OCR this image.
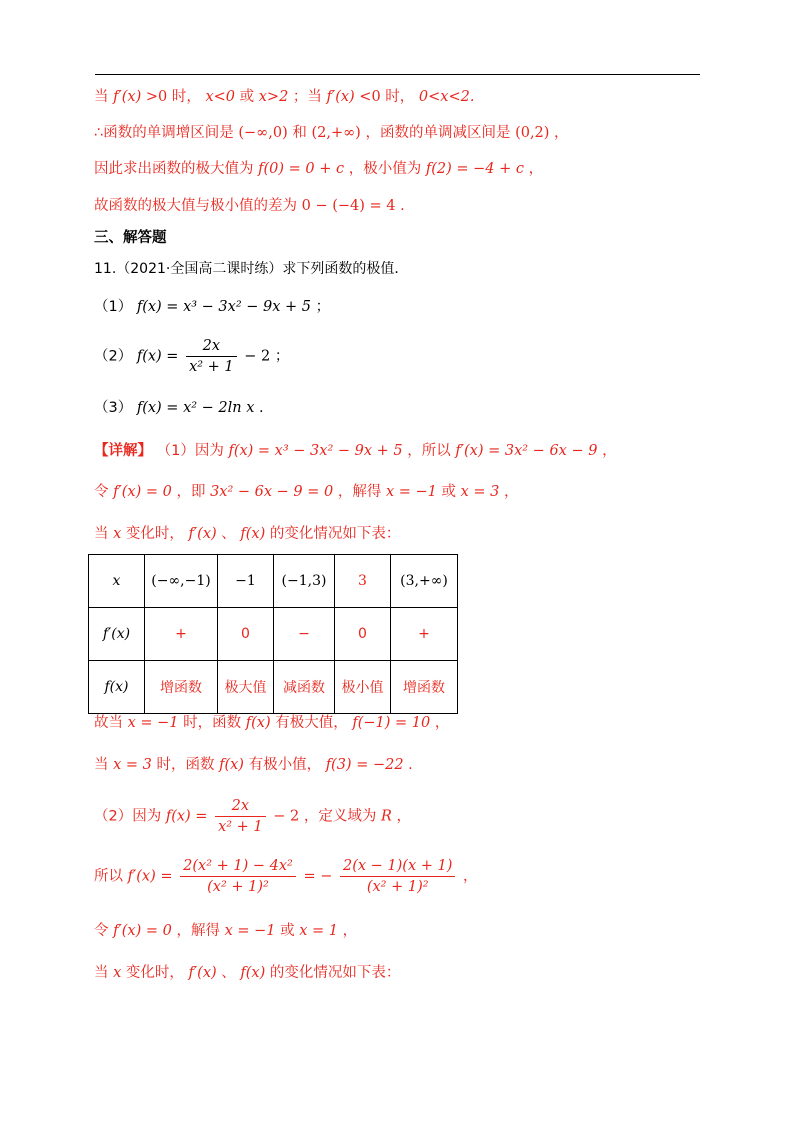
当 f′(x) >0 时， x<0 或 x>2 ；当 f′(x) <0 时， 0<x<2.
∴函数的单调增区间是 (−∞,0) 和 (2,+∞) ，函数的单调减区间是 (0,2) ，
因此求出函数的极大值为 f(0) = 0 + c ，极小值为 f(2) = −4 + c ，
故函数的极大值与极小值的差为 0 − (−4) = 4 .
三、解答题
11.（2021·全国高二课时练）求下列函数的极值．
（1） f(x) = x³ − 3x² − 9x + 5 ；
（2） $f(x) = \frac{2x}{\text{x² + 1}} - 2$ ；
（3） f(x) = x² − 2ln x .
【详解】 （1）因为 f(x) = x³ − 3x² − 9x + 5 ，所以 f′(x) = 3x² − 6x − 9 ，
令 f′(x) = 0 ，即 3x² − 6x − 9 = 0 ，解得 x = −1 或 x = 3 ，
当 x 变化时， f′(x) 、 f(x) 的变化情况如下表：
x	(−∞,−1)	−1	(−1,3)	3	(3,+∞)
f′(x)	+	0	−	0	+
f(x)	增函数	极大值	减函数	极小值	增函数
故当 x = −1 时，函数 f(x) 有极大值， f(−1) = 10 ，
当 x = 3 时，函数 f(x) 有极小值， f(3) = −22 .
（2）因为 $f(x) = \frac{2x}{\text{x² + 1}} - 2$ ，定义域为 R ，
所以 $f'(x) = \frac{\text{2(x² + 1) − 4x²}}{\text{(x² + 1)²}}$ = − $\frac{2(x - 1)(x + 1)}{\text{(x² + 1)²}}$ ，
令 f′(x) = 0 ，解得 x = −1 或 x = 1 ，
当 x 变化时， f′(x) 、 f(x) 的变化情况如下表：
